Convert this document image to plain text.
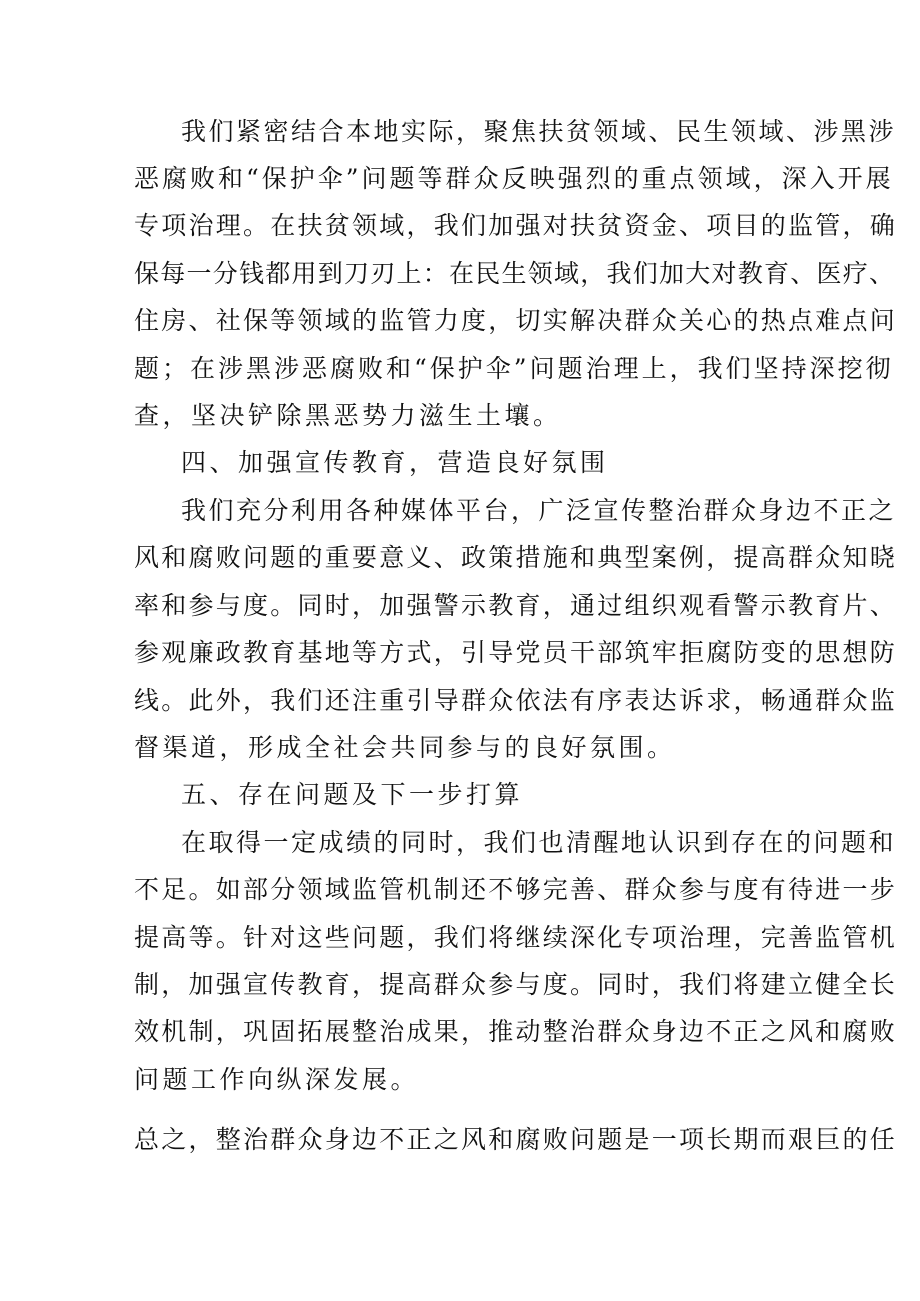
我们紧密结合本地实际，聚焦扶贫领域、民生领域、涉黑涉

恶腐败和“保护伞”问题等群众反映强烈的重点领域，深入开展

专项治理。在扶贫领域，我们加强对扶贫资金、项目的监管，确

保每一分钱都用到刀刃上：在民生领域，我们加大对教育、医疗、

住房、社保等领域的监管力度，切实解决群众关心的热点难点问

题；在涉黑涉恶腐败和“保护伞”问题治理上，我们坚持深挖彻

查，坚决铲除黑恶势力滋生土壤。

四、加强宣传教育，营造良好氛围

我们充分利用各种媒体平台，广泛宣传整治群众身边不正之

风和腐败问题的重要意义、政策措施和典型案例，提高群众知晓

率和参与度。同时，加强警示教育，通过组织观看警示教育片、

参观廉政教育基地等方式，引导党员干部筑牢拒腐防变的思想防

线。此外，我们还注重引导群众依法有序表达诉求，畅通群众监

督渠道，形成全社会共同参与的良好氛围。

五、存在问题及下一步打算

在取得一定成绩的同时，我们也清醒地认识到存在的问题和

不足。如部分领域监管机制还不够完善、群众参与度有待进一步

提高等。针对这些问题，我们将继续深化专项治理，完善监管机

制，加强宣传教育，提高群众参与度。同时，我们将建立健全长

效机制，巩固拓展整治成果，推动整治群众身边不正之风和腐败

问题工作向纵深发展。

总之，整治群众身边不正之风和腐败问题是一项长期而艰巨的任
